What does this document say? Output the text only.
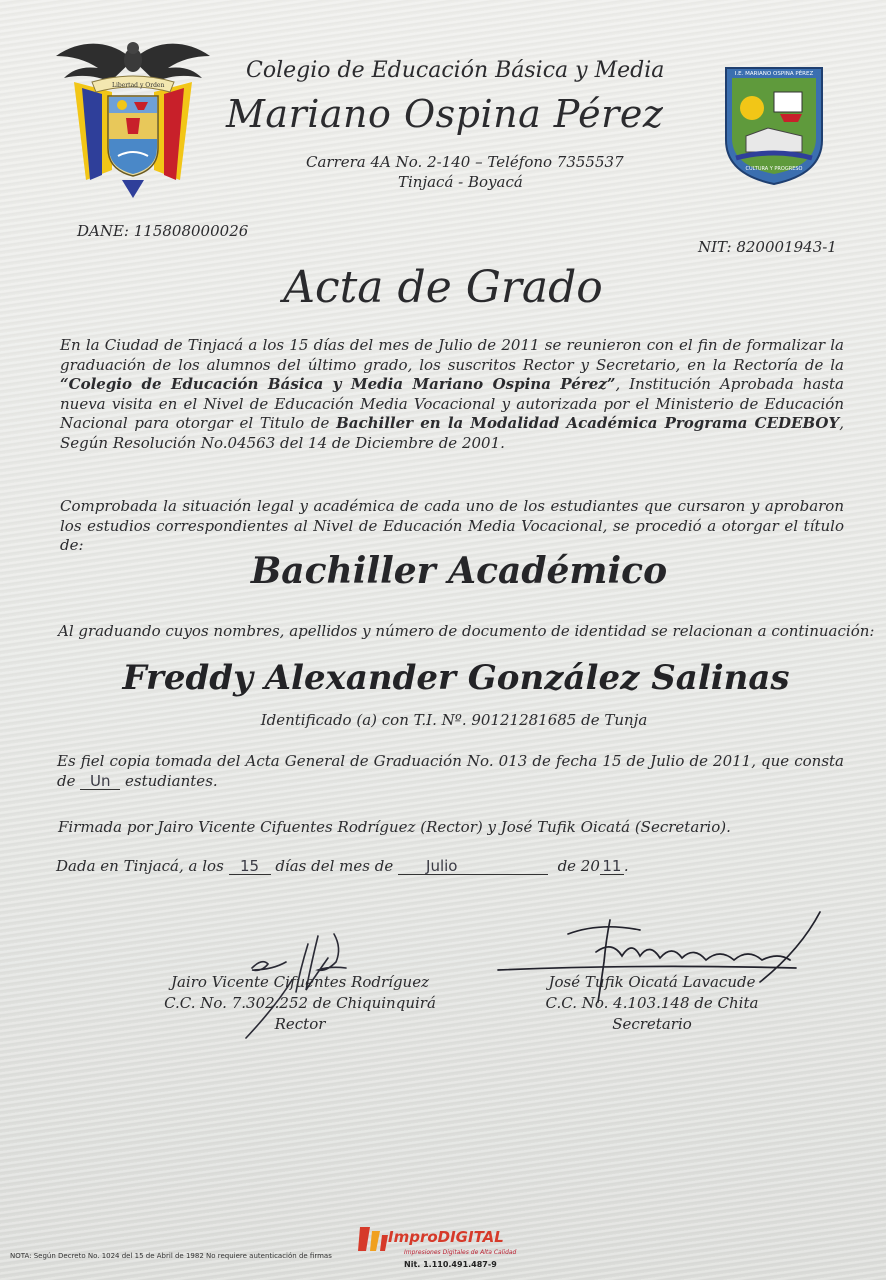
Libertad y Orden
I.E. MARIANO OSPINA PÉREZ
CULTURA Y PROGRESO
Colegio de Educación Básica y Media
Mariano Ospina Pérez
Carrera 4A No. 2-140 – Teléfono 7355537
Tinjacá - Boyacá
DANE: 115808000026
NIT: 820001943-1
Acta de Grado
En la Ciudad de Tinjacá a los 15 días del mes de Julio de 2011 se reunieron con el fin de formalizar la graduación de los alumnos del último grado, los suscritos Rector y Secretario, en la Rectoría de la “Colegio de Educación Básica y Media Mariano Ospina Pérez”, Institución Aprobada hasta nueva visita en el Nivel de Educación Media Vocacional y autorizada por el Ministerio de Educación Nacional para otorgar el Titulo de Bachiller en la Modalidad Académica Programa CEDEBOY, Según Resolución No.04563 del 14 de Diciembre de 2001.
Comprobada la situación legal y académica de cada uno de los estudiantes que cursaron y aprobaron los estudios correspondientes al Nivel de Educación Media Vocacional, se procedió a otorgar el título de:
Bachiller Académico
Al graduando cuyos nombres, apellidos y número de documento de identidad se relacionan a continuación:
Freddy Alexander González Salinas
Identificado (a) con T.I. Nº. 90121281685 de Tunja
Es fiel copia tomada del Acta General de Graduación No. 013 de fecha 15 de Julio de 2011, que consta de Un estudiantes.
Firmada por Jairo Vicente Cifuentes Rodríguez (Rector) y José Tufik Oicatá (Secretario).
Dada en Tinjacá, a los 15 días del mes de Julio	de 20 11 .
Jairo Vicente Cifuentes Rodríguez
C.C. No. 7.302.252 de Chiquinquirá
Rector
José Tufik Oicatá Lavacude
C.C. No. 4.103.148 de Chita
Secretario
NOTA: Según Decreto No. 1024 del 15 de Abril de 1982 No requiere autenticación de firmas
ImproDIGITAL
Impresiones Digitales de Alta Calidad
Nit. 1.110.491.487-9
